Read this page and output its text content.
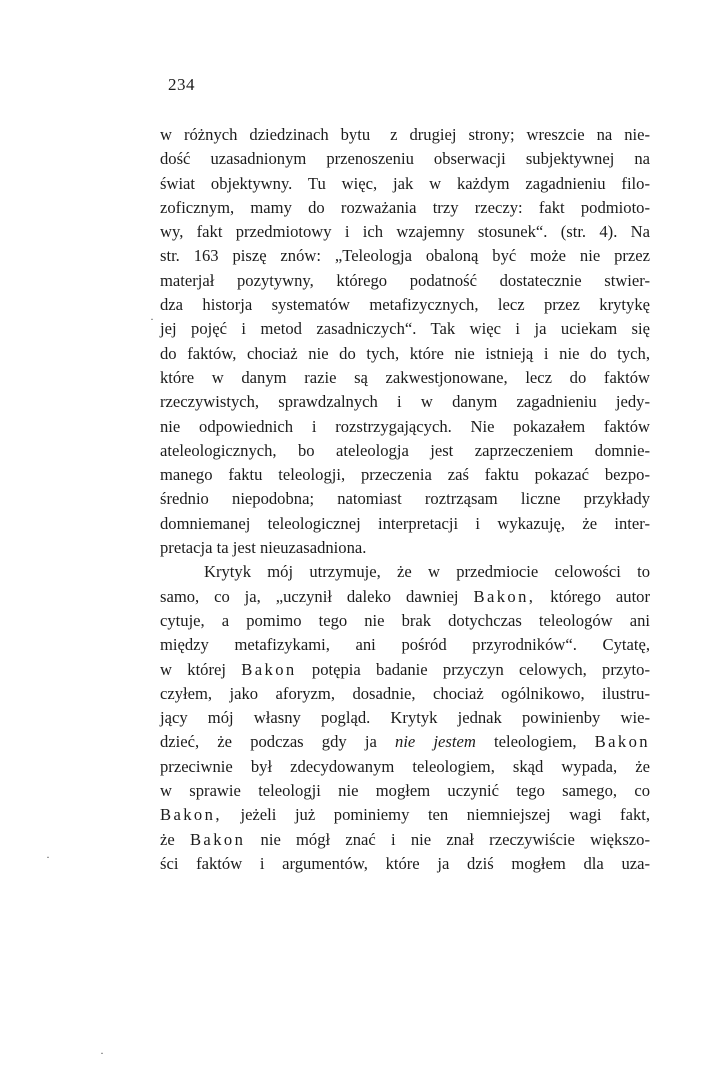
234
w różnych dziedzinach bytu z drugiej strony; wreszcie na nie-
dość uzasadnionym przenoszeniu obserwacji subjektywnej na
świat objektywny. Tu więc, jak w każdym zagadnieniu filo-
zoficznym, mamy do rozważania trzy rzeczy: fakt podmioto-
wy, fakt przedmiotowy i ich wzajemny stosunek“. (str. 4). Na
str. 163 piszę znów: „Teleologja obaloną być może nie przez
materjał pozytywny, którego podatność dostatecznie stwier-
dza historja systematów metafizycznych, lecz przez krytykę
jej pojęć i metod zasadniczych“. Tak więc i ja uciekam się
do faktów, chociaż nie do tych, które nie istnieją i nie do tych,
które w danym razie są zakwestjonowane, lecz do faktów
rzeczywistych, sprawdzalnych i w danym zagadnieniu jedy-
nie odpowiednich i rozstrzygających. Nie pokazałem faktów
ateleologicznych, bo ateleologja jest zaprzeczeniem domnie-
manego faktu teleologji, przeczenia zaś faktu pokazać bezpo-
średnio niepodobna; natomiast roztrząsam liczne przykłady
domniemanej teleologicznej interpretacji i wykazuję, że inter-
pretacja ta jest nieuzasadniona.
Krytyk mój utrzymuje, że w przedmiocie celowości to
samo, co ja, „uczynił daleko dawniej Bakon, którego autor
cytuje, a pomimo tego nie brak dotychczas teleologów ani
między metafizykami, ani pośród przyrodników“. Cytatę,
w której Bakon potępia badanie przyczyn celowych, przyto-
czyłem, jako aforyzm, dosadnie, chociaż ogólnikowo, ilustru-
jący mój własny pogląd. Krytyk jednak powinienby wie-
dzieć, że podczas gdy ja nie jestem teleologiem, Bakon
przeciwnie był zdecydowanym teleologiem, skąd wypada, że
w sprawie teleologji nie mogłem uczynić tego samego, co
Bakon, jeżeli już pominiemy ten niemniejszej wagi fakt,
że Bakon nie mógł znać i nie znał rzeczywiście większo-
ści faktów i argumentów, które ja dziś mogłem dla uza-
·
·
·
